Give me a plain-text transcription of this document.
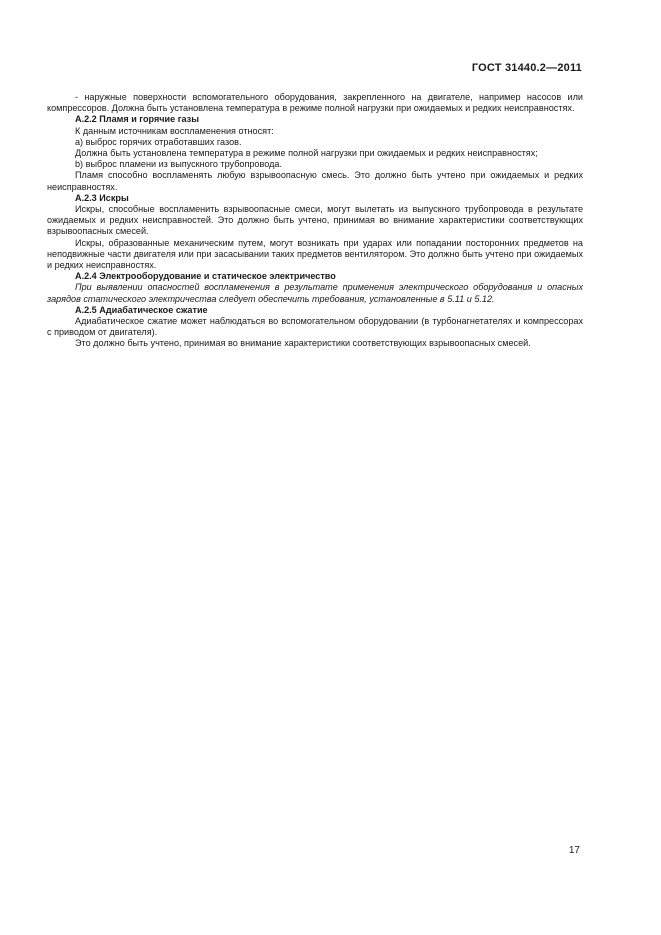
ГОСТ 31440.2—2011

- наружные поверхности вспомогательного оборудования, закрепленного на двигателе, например насосов или компрессоров. Должна быть установлена температура в режиме полной нагрузки при ожидаемых и редких неисправностях.

А.2.2 Пламя и горячие газы

К данным источникам воспламенения относят:

a) выброс горячих отработавших газов.

Должна быть установлена температура в режиме полной нагрузки при ожидаемых и редких неисправностях;

b) выброс пламени из выпускного трубопровода.

Пламя способно воспламенять любую взрывоопасную смесь. Это должно быть учтено при ожидаемых и редких неисправностях.

А.2.3 Искры

Искры, способные воспламенить взрывоопасные смеси, могут вылетать из выпускного трубопровода в результате ожидаемых и редких неисправностей. Это должно быть учтено, принимая во внимание характеристики соответствующих взрывоопасных смесей.

Искры, образованные механическим путем, могут возникать при ударах или попадании посторонних предметов на неподвижные части двигателя или при засасывании таких предметов вентилятором. Это должно быть учтено при ожидаемых и редких неисправностях.

А.2.4 Электрооборудование и статическое электричество

При выявлении опасностей воспламенения в результате применения электрического оборудования и опасных зарядов статического электричества следует обеспечить требования, установленные в 5.11 и 5.12.

А.2.5 Адиабатическое сжатие

Адиабатическое сжатие может наблюдаться во вспомогательном оборудовании (в турбонагнетателях и компрессорах с приводом от двигателя).

Это должно быть учтено, принимая во внимание характеристики соответствующих взрывоопасных смесей.

17
